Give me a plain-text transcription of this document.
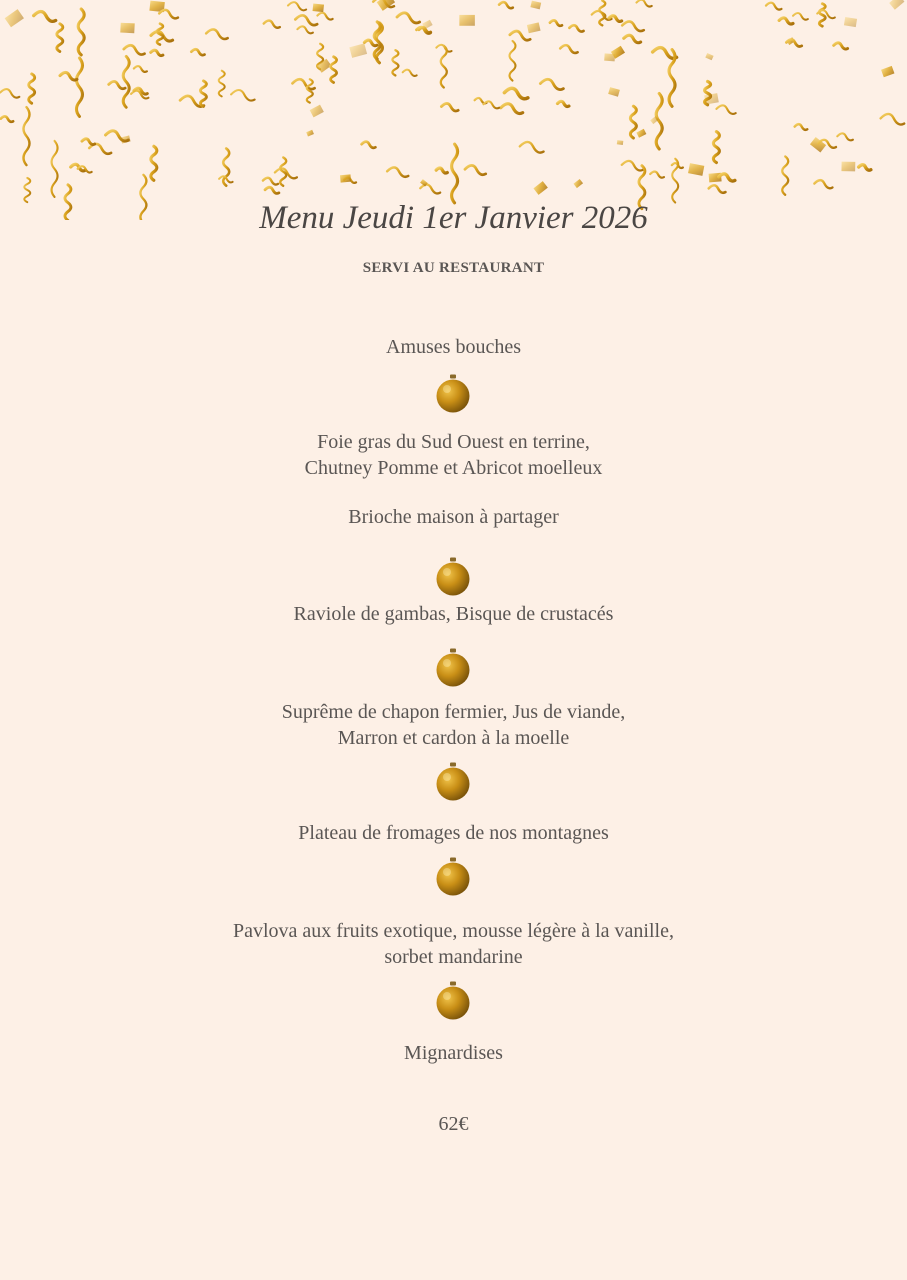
Menu Jeudi 1er Janvier 2026
SERVI AU RESTAURANT
Amuses bouches
Foie gras du Sud Ouest en terrine,
Chutney Pomme et Abricot moelleux
Brioche maison à partager
Raviole de gambas, Bisque de crustacés
Suprême de chapon fermier, Jus de viande,
Marron et cardon à la moelle
Plateau de fromages de nos montagnes
Pavlova aux fruits exotique, mousse légère à la vanille,
sorbet mandarine
Mignardises
62€
